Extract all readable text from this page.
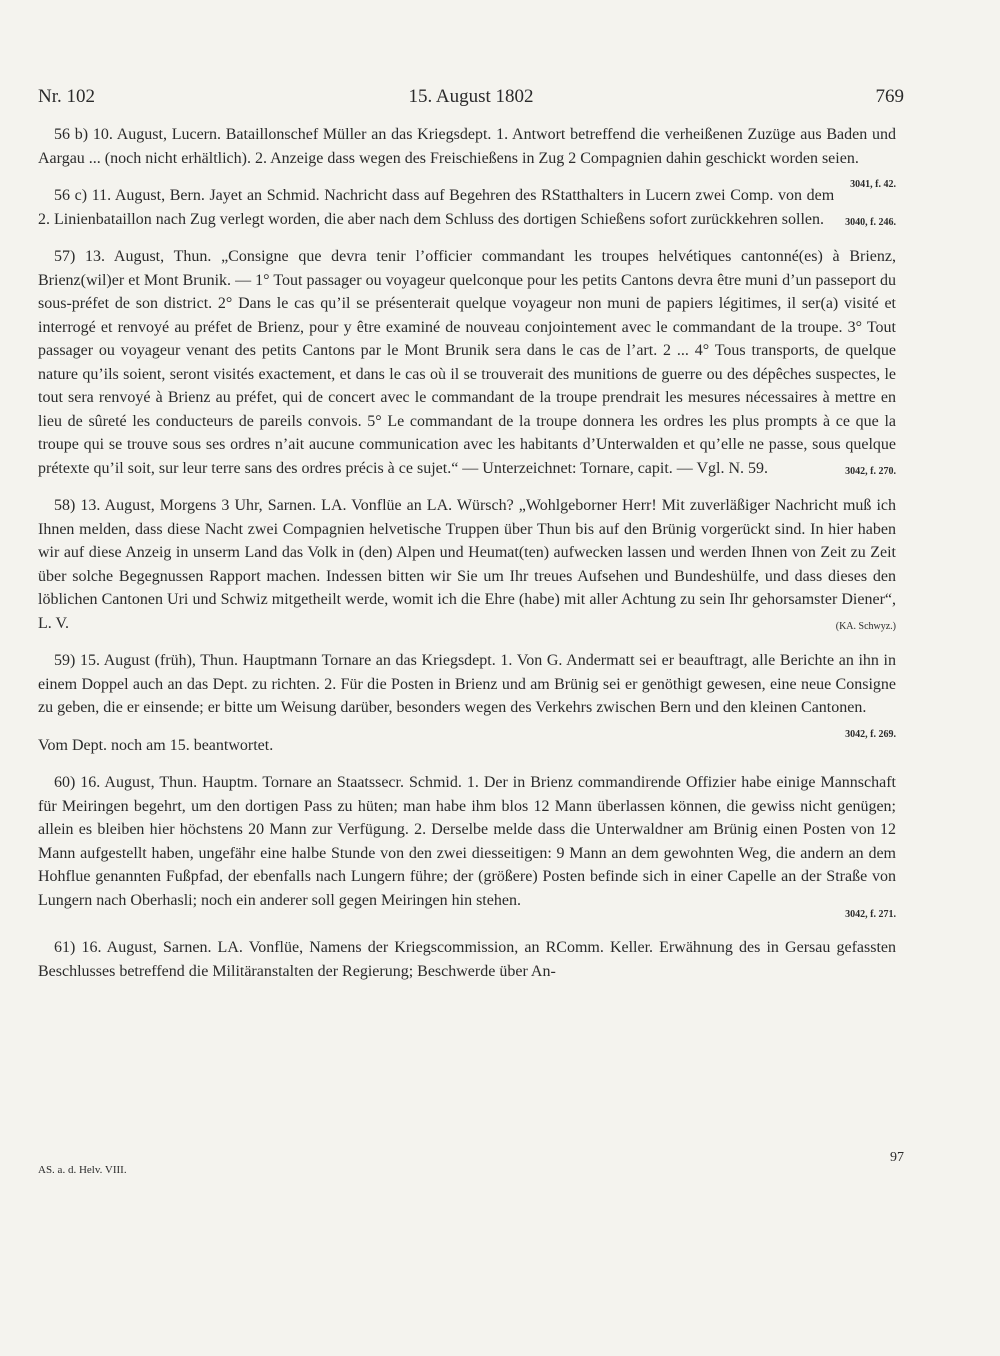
Nr. 102	15. August 1802	769

56 b) 10. August, Lucern. Bataillonschef Müller an das Kriegsdept. 1. Antwort betreffend die verheißenen Zuzüge aus Baden und Aargau ... (noch nicht erhältlich). 2. Anzeige dass wegen des Freischießens in Zug 2 Compagnien dahin geschickt worden seien.
3041, f. 42.

56 c) 11. August, Bern. Jayet an Schmid. Nachricht dass auf Begehren des RStatthalters in Lucern zwei Comp. von dem 2. Linienbataillon nach Zug verlegt worden, die aber nach dem Schluss des dortigen Schießens sofort zurückkehren sollen.	3040, f. 246.

57) 13. August, Thun. „Consigne que devra tenir l’officier commandant les troupes helvétiques cantonné(es) à Brienz, Brienz(wil)er et Mont Brunik. — 1° Tout passager ou voyageur quelconque pour les petits Cantons devra être muni d’un passeport du sous-préfet de son district. 2° Dans le cas qu’il se présenterait quelque voyageur non muni de papiers légitimes, il ser(a) visité et interrogé et renvoyé au préfet de Brienz, pour y être examiné de nouveau conjointement avec le commandant de la troupe. 3° Tout passager ou voyageur venant des petits Cantons par le Mont Brunik sera dans le cas de l’art. 2 ... 4° Tous transports, de quelque nature qu’ils soient, seront visités exactement, et dans le cas où il se trouverait des munitions de guerre ou des dépêches suspectes, le tout sera renvoyé à Brienz au préfet, qui de concert avec le commandant de la troupe prendrait les mesures nécessaires à mettre en lieu de sûreté les conducteurs de pareils convois. 5° Le commandant de la troupe donnera les ordres les plus prompts à ce que la troupe qui se trouve sous ses ordres n’ait aucune communication avec les habitants d’Unterwalden et qu’elle ne passe, sous quelque prétexte qu’il soit, sur leur terre sans des ordres précis à ce sujet.“ — Unterzeichnet: Tornare, capit. — Vgl. N. 59.	3042, f. 270.

58) 13. August, Morgens 3 Uhr, Sarnen. LA. Vonflüe an LA. Würsch? „Wohlgeborner Herr! Mit zuverläßiger Nachricht muß ich Ihnen melden, dass diese Nacht zwei Compagnien helvetische Truppen über Thun bis auf den Brünig vorgerückt sind. In hier haben wir auf diese Anzeig in unserm Land das Volk in (den) Alpen und Heumat(ten) aufwecken lassen und werden Ihnen von Zeit zu Zeit über solche Begegnussen Rapport machen. Indessen bitten wir Sie um Ihr treues Aufsehen und Bundeshülfe, und dass dieses den löblichen Cantonen Uri und Schwiz mitgetheilt werde, womit ich die Ehre (habe) mit aller Achtung zu sein Ihr gehorsamster Diener“, L. V.	(KA. Schwyz.)

59) 15. August (früh), Thun. Hauptmann Tornare an das Kriegsdept. 1. Von G. Andermatt sei er beauftragt, alle Berichte an ihn in einem Doppel auch an das Dept. zu richten. 2. Für die Posten in Brienz und am Brünig sei er genöthigt gewesen, eine neue Consigne zu geben, die er einsende; er bitte um Weisung darüber, besonders wegen des Verkehrs zwischen Bern und den kleinen Cantonen.
3042, f. 269.

Vom Dept. noch am 15. beantwortet.

60) 16. August, Thun. Hauptm. Tornare an Staatssecr. Schmid. 1. Der in Brienz commandirende Offizier habe einige Mannschaft für Meiringen begehrt, um den dortigen Pass zu hüten; man habe ihm blos 12 Mann überlassen können, die gewiss nicht genügen; allein es bleiben hier höchstens 20 Mann zur Verfügung. 2. Derselbe melde dass die Unterwaldner am Brünig einen Posten von 12 Mann aufgestellt haben, ungefähr eine halbe Stunde von den zwei diesseitigen: 9 Mann an dem gewohnten Weg, die andern an dem Hohflue genannten Fußpfad, der ebenfalls nach Lungern führe; der (größere) Posten befinde sich in einer Capelle an der Straße von Lungern nach Oberhasli; noch ein anderer soll gegen Meiringen hin stehen.

3042, f. 271.

61) 16. August, Sarnen. LA. Vonflüe, Namens der Kriegscommission, an RComm. Keller. Erwähnung des in Gersau gefassten Beschlusses betreffend die Militäranstalten der Regierung; Beschwerde über An-

AS. a. d. Helv. VIII.
97
